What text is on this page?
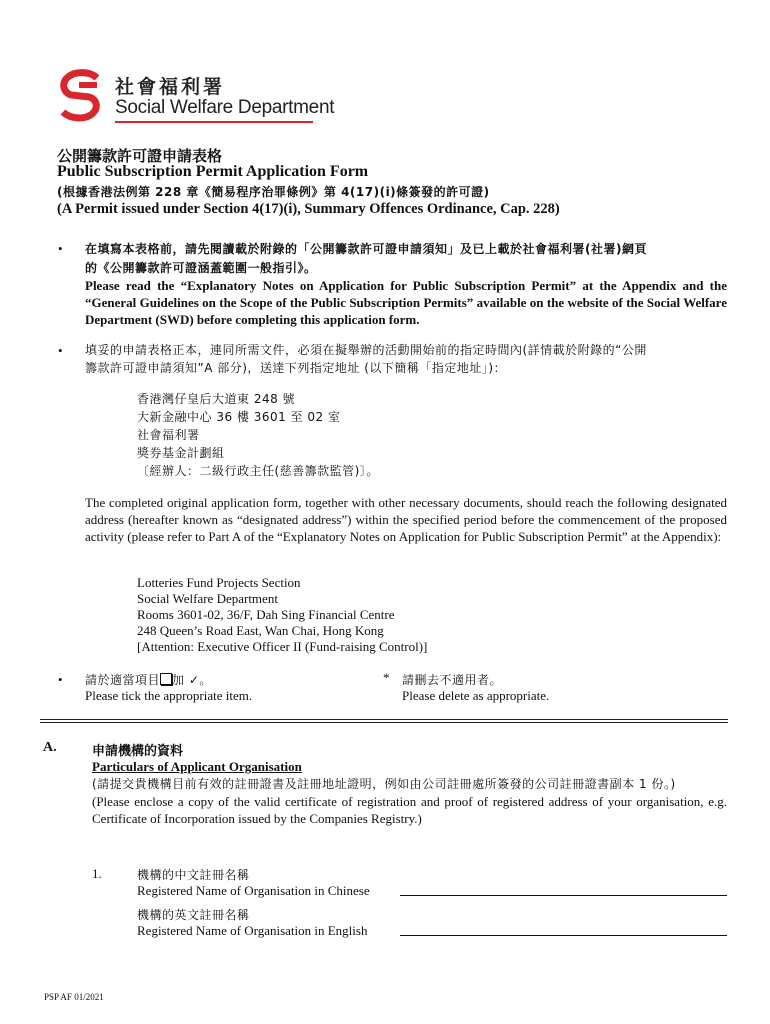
社會福利署
Social Welfare Department
公開籌款許可證申請表格
Public Subscription Permit Application Form
(根據香港法例第 228 章《簡易程序治罪條例》第 4(17)(i)條簽發的許可證)
(A Permit issued under Section 4(17)(i), Summary Offences Ordinance, Cap. 228)
• 在填寫本表格前，請先閱讀載於附錄的「公開籌款許可證申請須知」及已上載於社會福利署(社署)網頁
的《公開籌款許可證涵蓋範圍一般指引》。
Please read the “Explanatory Notes on Application for Public Subscription Permit” at the Appendix and the “General Guidelines on the Scope of the Public Subscription Permits” available on the website of the Social Welfare Department (SWD) before completing this application form.
• 填妥的申請表格正本，連同所需文件，必須在擬舉辦的活動開始前的指定時間內(詳情載於附錄的“公開
籌款許可證申請須知”A 部分)，送達下列指定地址 (以下簡稱「指定地址」)：
香港灣仔皇后大道東 248 號
大新金融中心 36 樓 3601 至 02 室
社會福利署
獎券基金計劃組
〔經辦人：二級行政主任(慈善籌款監管)〕。
The completed original application form, together with other necessary documents, should reach the following designated address (hereafter known as “designated address”) within the specified period before the commencement of the proposed activity (please refer to Part A of the “Explanatory Notes on Application for Public Subscription Permit” at the Appendix):
Lotteries Fund Projects Section
Social Welfare Department
Rooms 3601-02, 36/F, Dah Sing Financial Centre
248 Queen’s Road East, Wan Chai, Hong Kong
[Attention: Executive Officer II (Fund-raising Control)]
• 請於適當項目 加 ✓。
Please tick the appropriate item.
* 請刪去不適用者。
Please delete as appropriate.
A.	申請機構的資料
Particulars of Applicant Organisation
(請提交貴機構目前有效的註冊證書及註冊地址證明，例如由公司註冊處所簽發的公司註冊證書副本 1 份。)
(Please enclose a copy of the valid certificate of registration and proof of registered address of your organisation, e.g. Certificate of Incorporation issued by the Companies Registry.)
1.	機構的中文註冊名稱
Registered Name of Organisation in Chinese
機構的英文註冊名稱
Registered Name of Organisation in English
PSP AF 01/2021
